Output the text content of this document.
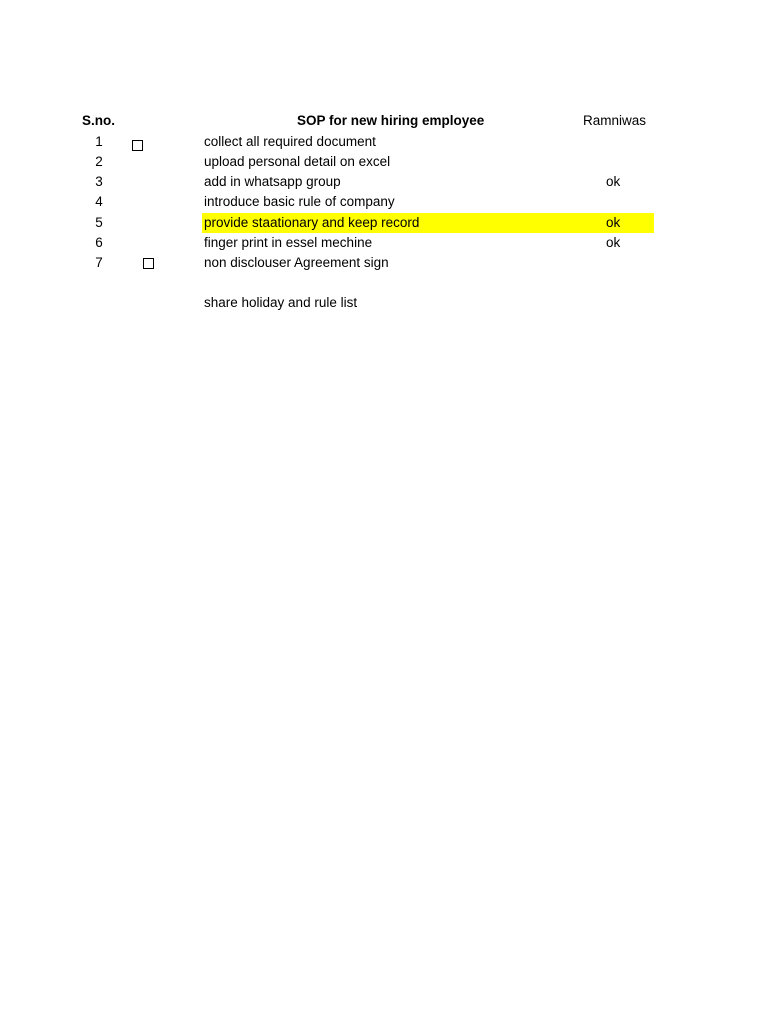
S.no.	SOP for new hiring employee	Ramniwas
1	collect all required document
2	upload personal detail on excel
3	add in whatsapp group	ok
4	introduce basic rule of company
5	provide staationary and keep record	ok
6	finger print in essel mechine	ok
7	non disclouser Agreement sign
share holiday and rule list
